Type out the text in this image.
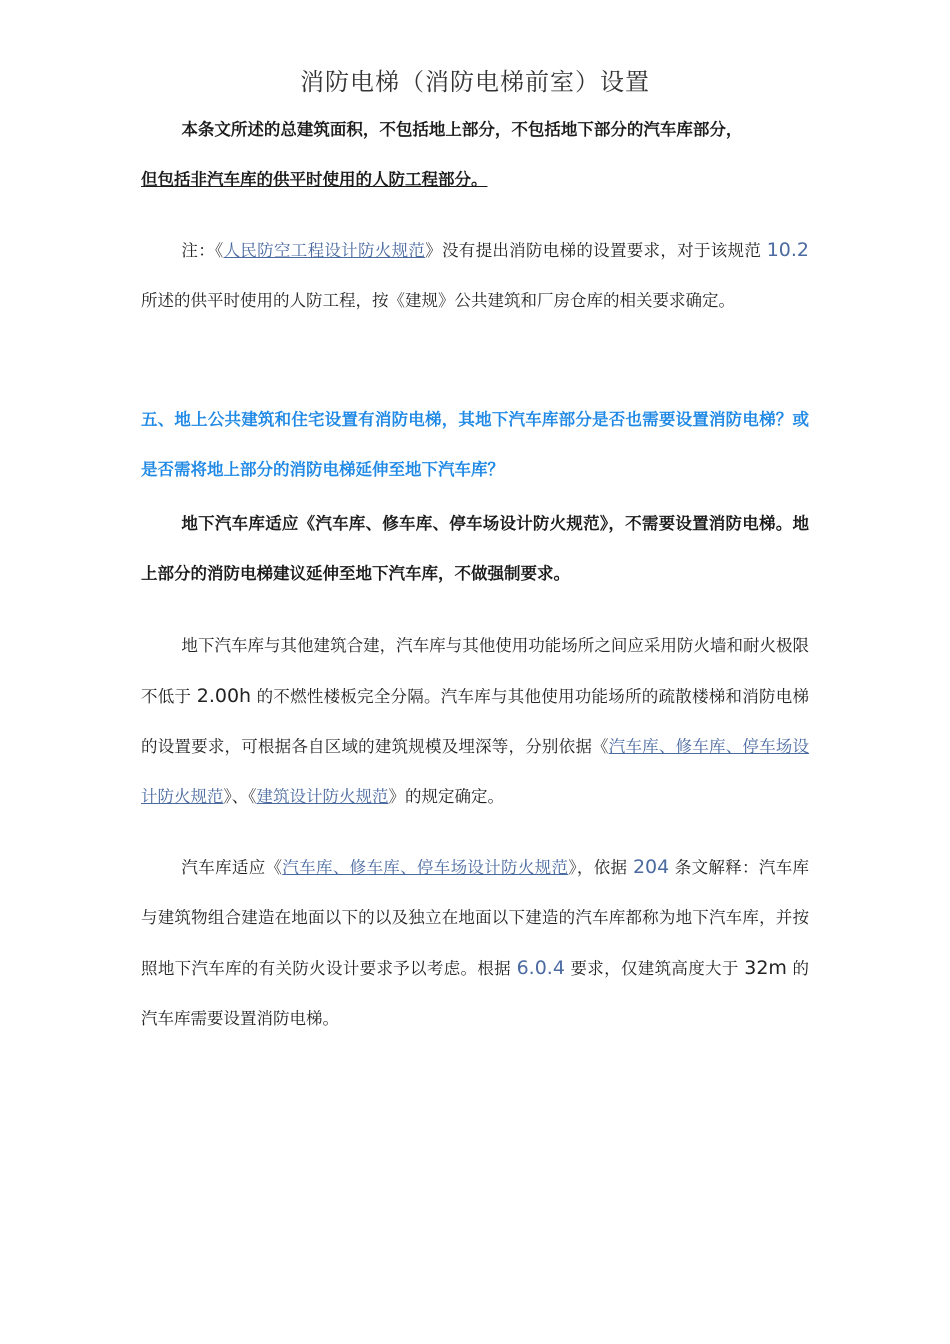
消防电梯（消防电梯前室）设置

本条文所述的总建筑面积，不包括地上部分，不包括地下部分的汽车库部分，
但包括非汽车库的供平时使用的人防工程部分。

注：《人民防空工程设计防火规范》没有提出消防电梯的设置要求，对于该规范 10.2 所述的供平时使用的人防工程，按《建规》公共建筑和厂房仓库的相关要求确定。

五、地上公共建筑和住宅设置有消防电梯，其地下汽车库部分是否也需要设置消防电梯？或是否需将地上部分的消防电梯延伸至地下汽车库？

地下汽车库适应《汽车库、修车库、停车场设计防火规范》，不需要设置消防电梯。地上部分的消防电梯建议延伸至地下汽车库，不做强制要求。

地下汽车库与其他建筑合建，汽车库与其他使用功能场所之间应采用防火墙和耐火极限不低于 2.00h 的不燃性楼板完全分隔。汽车库与其他使用功能场所的疏散楼梯和消防电梯的设置要求，可根据各自区域的建筑规模及埋深等，分别依据《汽车库、修车库、停车场设计防火规范》、《建筑设计防火规范》的规定确定。

汽车库适应《汽车库、修车库、停车场设计防火规范》，依据 204 条文解释：汽车库与建筑物组合建造在地面以下的以及独立在地面以下建造的汽车库都称为地下汽车库，并按照地下汽车库的有关防火设计要求予以考虑。根据 6.0.4 要求，仅建筑高度大于 32m 的汽车库需要设置消防电梯。
